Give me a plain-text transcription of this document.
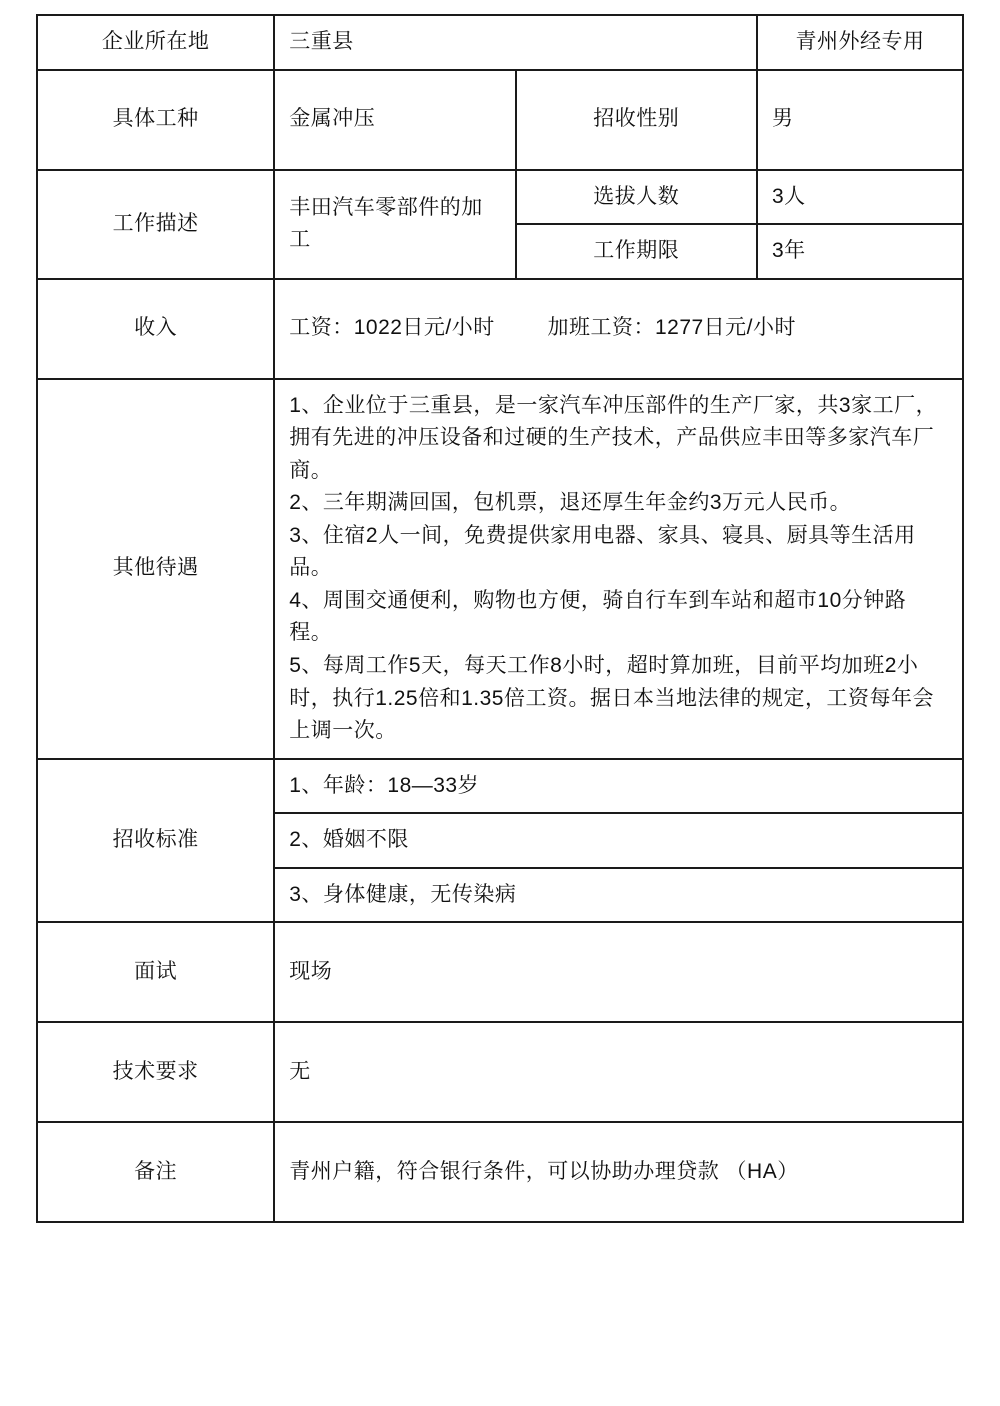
企业所在地	三重县		青州外经专用
具体工种	金属冲压	招收性别	男
工作描述	丰田汽车零部件的加工	选拔人数	3人
		工作期限	3年
收入	工资：1022日元/小时 加班工资：1277日元/小时		
其他待遇	1、企业位于三重县，是一家汽车冲压部件的生产厂家，共3家工厂，拥有先进的冲压设备和过硬的生产技术，产品供应丰田等多家汽车厂商。

2、三年期满回国，包机票，退还厚生年金约3万元人民币。

3、住宿2人一间，免费提供家用电器、家具、寝具、厨具等生活用品。

4、周围交通便利，购物也方便，骑自行车到车站和超市10分钟路程。

5、每周工作5天，每天工作8小时，超时算加班，目前平均加班2小时，执行1.25倍和1.35倍工资。据日本当地法律的规定，工资每年会上调一次。		

招收标准	1、年龄：18—33岁		
	2、婚姻不限		
	3、身体健康，无传染病		
面试	现场		
技术要求	无		
备注	青州户籍，符合银行条件，可以协助办理贷款 （HA）		
